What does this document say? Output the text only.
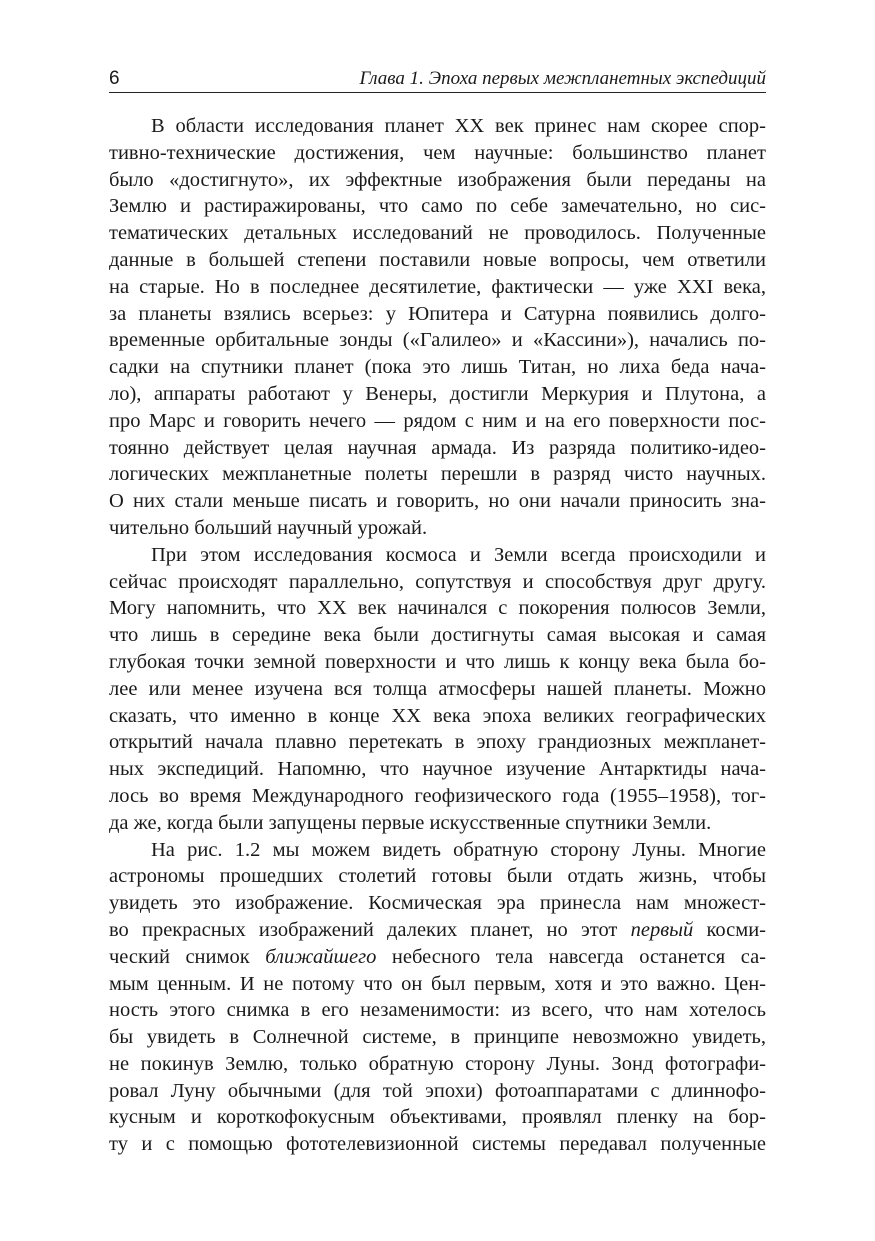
6	Глава 1. Эпоха первых межпланетных экспедиций
В области исследования планет XX век принес нам скорее спор-
тивно-технические достижения, чем научные: большинство планет
было «достигнуто», их эффектные изображения были переданы на
Землю и растиражированы, что само по себе замечательно, но сис-
тематических детальных исследований не проводилось. Полученные
данные в большей степени поставили новые вопросы, чем ответили
на старые. Но в последнее десятилетие, фактически — уже XXI века,
за планеты взялись всерьез: у Юпитера и Сатурна появились долго-
временные орбитальные зонды («Галилео» и «Кассини»), начались по-
садки на спутники планет (пока это лишь Титан, но лиха беда нача-
ло), аппараты работают у Венеры, достигли Меркурия и Плутона, а
про Марс и говорить нечего — рядом с ним и на его поверхности пос-
тоянно действует целая научная армада. Из разряда политико-идео-
логических межпланетные полеты перешли в разряд чисто научных.
О них стали меньше писать и говорить, но они начали приносить зна-
чительно больший научный урожай.
При этом исследования космоса и Земли всегда происходили и
сейчас происходят параллельно, сопутствуя и способствуя друг другу.
Могу напомнить, что XX век начинался с покорения полюсов Земли,
что лишь в середине века были достигнуты самая высокая и самая
глубокая точки земной поверхности и что лишь к концу века была бо-
лее или менее изучена вся толща атмосферы нашей планеты. Можно
сказать, что именно в конце XX века эпоха великих географических
открытий начала плавно перетекать в эпоху грандиозных межпланет-
ных экспедиций. Напомню, что научное изучение Антарктиды нача-
лось во время Международного геофизического года (1955–1958), тог-
да же, когда были запущены первые искусственные спутники Земли.
На рис. 1.2 мы можем видеть обратную сторону Луны. Многие
астрономы прошедших столетий готовы были отдать жизнь, чтобы
увидеть это изображение. Космическая эра принесла нам множест-
во прекрасных изображений далеких планет, но этот первый косми-
ческий снимок ближайшего небесного тела навсегда останется са-
мым ценным. И не потому что он был первым, хотя и это важно. Цен-
ность этого снимка в его незаменимости: из всего, что нам хотелось
бы увидеть в Солнечной системе, в принципе невозможно увидеть,
не покинув Землю, только обратную сторону Луны. Зонд фотографи-
ровал Луну обычными (для той эпохи) фотоаппаратами с длиннофо-
кусным и короткофокусным объективами, проявлял пленку на бор-
ту и с помощью фототелевизионной системы передавал полученные
